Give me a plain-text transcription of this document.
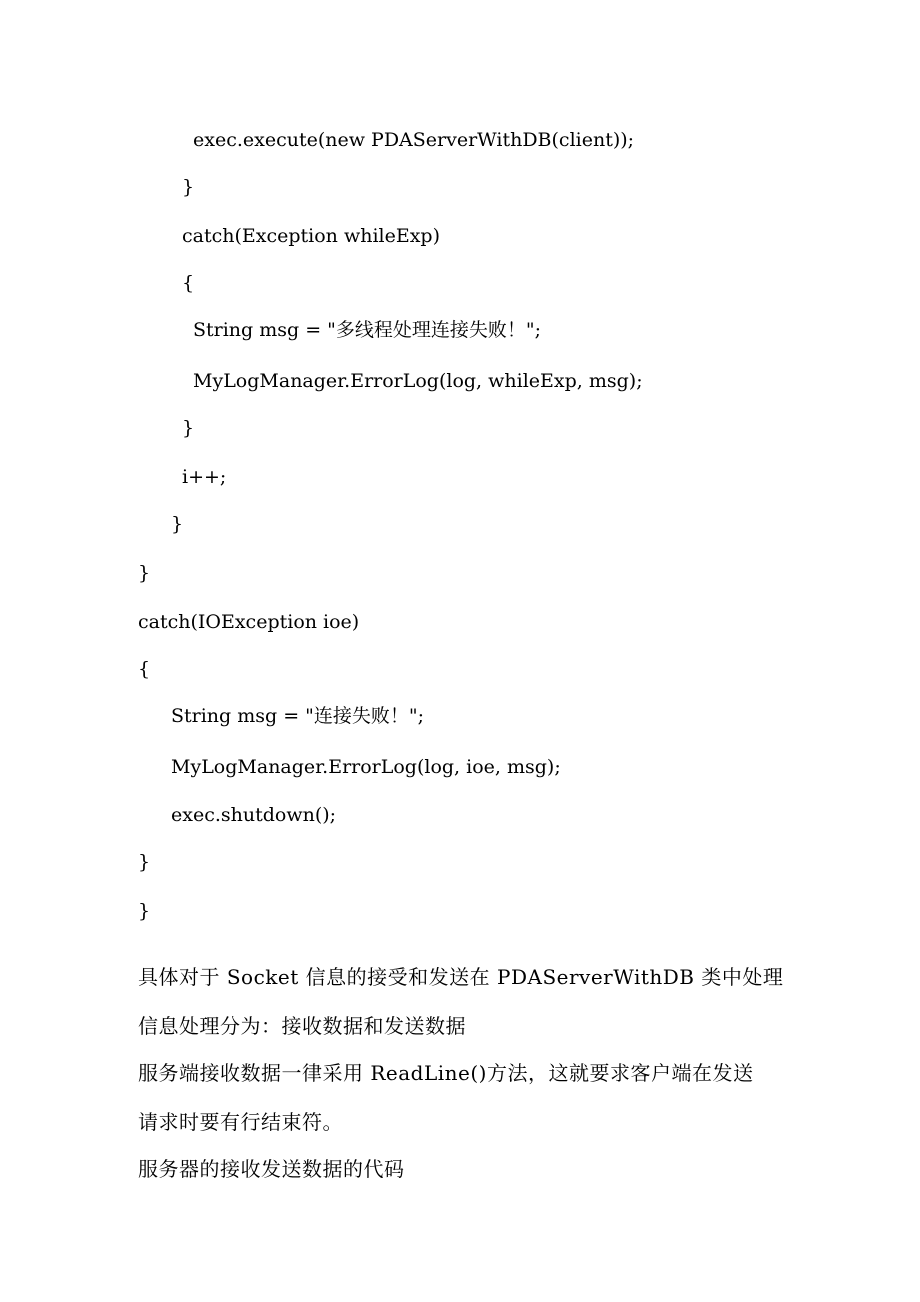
exec.execute(new PDAServerWithDB(client));
}
catch(Exception whileExp)
{
String msg = "多线程处理连接失败！";
MyLogManager.ErrorLog(log, whileExp, msg);
}
i++;
}
}
catch(IOException ioe)
{
String msg = "连接失败！";
MyLogManager.ErrorLog(log, ioe, msg);
exec.shutdown();
}
}
具体对于 Socket 信息的接受和发送在 PDAServerWithDB 类中处理
信息处理分为：接收数据和发送数据
服务端接收数据一律采用 ReadLine()方法，这就要求客户端在发送
请求时要有行结束符。
服务器的接收发送数据的代码
